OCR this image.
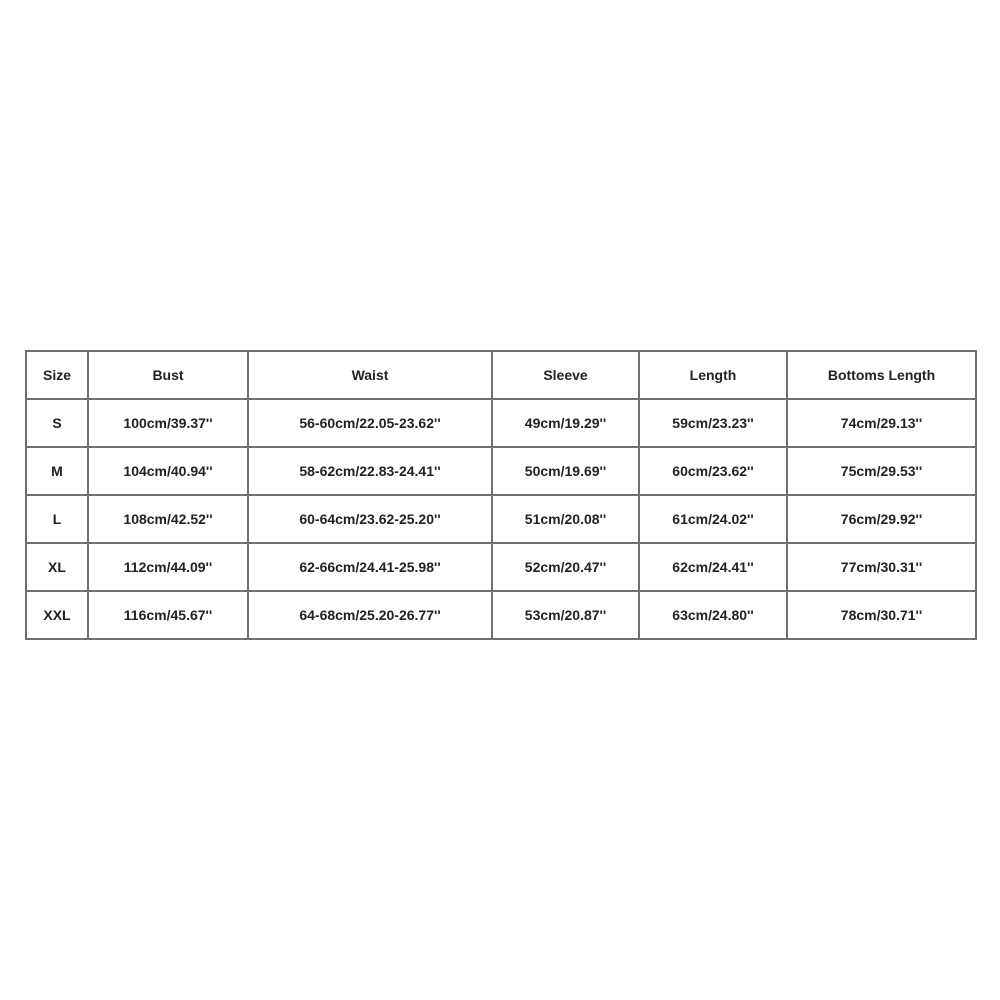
Size	Bust	Waist	Sleeve	Length	Bottoms Length
S	100cm/39.37''	56-60cm/22.05-23.62''	49cm/19.29''	59cm/23.23''	74cm/29.13''
M	104cm/40.94''	58-62cm/22.83-24.41''	50cm/19.69''	60cm/23.62''	75cm/29.53''
L	108cm/42.52''	60-64cm/23.62-25.20''	51cm/20.08''	61cm/24.02''	76cm/29.92''
XL	112cm/44.09''	62-66cm/24.41-25.98''	52cm/20.47''	62cm/24.41''	77cm/30.31''
XXL	116cm/45.67''	64-68cm/25.20-26.77''	53cm/20.87''	63cm/24.80''	78cm/30.71''
